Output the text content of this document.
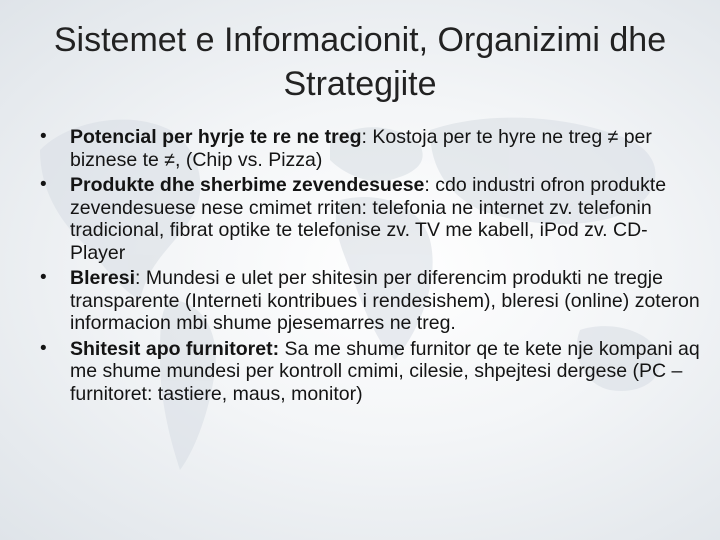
Sistemet e Informacionit, Organizimi dhe Strategjite
•	Potencial per hyrje te re ne treg: Kostoja per te hyre ne treg ≠ per biznese te ≠, (Chip vs. Pizza)
•	Produkte dhe sherbime zevendesuese: cdo industri ofron produkte zevendesuese nese cmimet rriten: telefonia ne internet zv. telefonin tradicional, fibrat optike te telefonise zv. TV me kabell, iPod zv. CD-Player
•	Bleresi: Mundesi e ulet per shitesin per diferencim produkti ne tregje transparente (Interneti kontribues i rendesishem), bleresi (online) zoteron informacion mbi shume pjesemarres ne treg.
•	Shitesit apo furnitoret: Sa me shume furnitor qe te kete nje kompani aq me shume mundesi per kontroll cmimi, cilesie, shpejtesi dergese (PC – furnitoret: tastiere, maus, monitor)
